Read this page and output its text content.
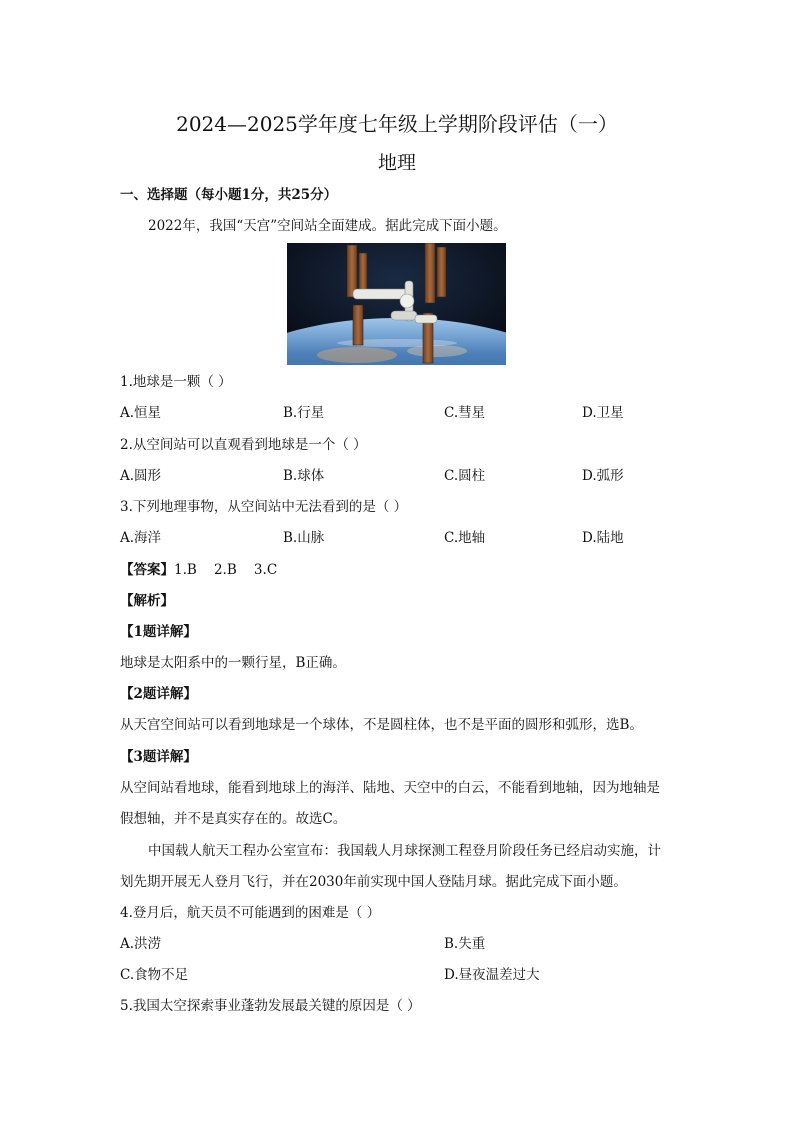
2024—2025学年度七年级上学期阶段评估（一）
地理
一、选择题（每小题1分，共25分）
2022年，我国“天宫”空间站全面建成。据此完成下面小题。
1.地球是一颗（ ）
A.恒星	B.行星	C.彗星	D.卫星
2.从空间站可以直观看到地球是一个（ ）
A.圆形	B.球体	C.圆柱	D.弧形
3.下列地理事物，从空间站中无法看到的是（ ）
A.海洋	B.山脉	C.地轴	D.陆地
【答案】1.B    2.B    3.C
【解析】
【1题详解】
地球是太阳系中的一颗行星，B正确。
【2题详解】
从天宫空间站可以看到地球是一个球体，不是圆柱体，也不是平面的圆形和弧形，选B。
【3题详解】
从空间站看地球，能看到地球上的海洋、陆地、天空中的白云，不能看到地轴，因为地轴是
假想轴，并不是真实存在的。故选C。
中国载人航天工程办公室宣布：我国载人月球探测工程登月阶段任务已经启动实施，计
划先期开展无人登月飞行，并在2030年前实现中国人登陆月球。据此完成下面小题。
4.登月后，航天员不可能遇到的困难是（ ）
A.洪涝	B.失重
C.食物不足	D.昼夜温差过大
5.我国太空探索事业蓬勃发展最关键的原因是（ ）
